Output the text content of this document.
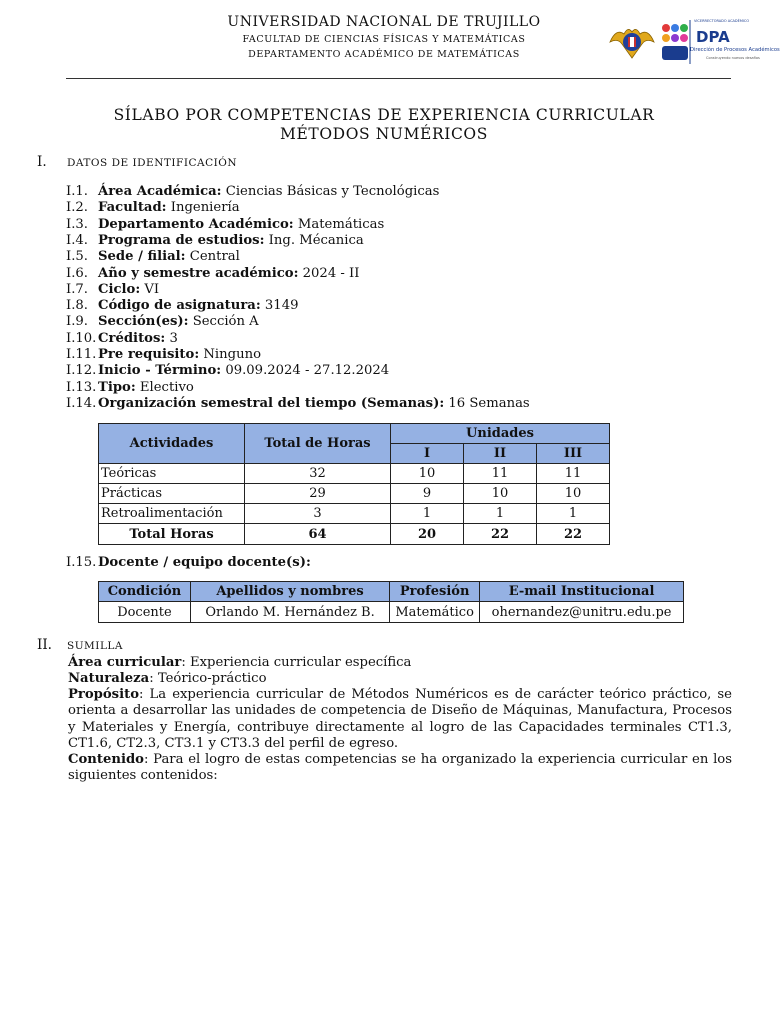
UNIVERSIDAD NACIONAL DE TRUJILLO
FACULTAD DE CIENCIAS FÍSICAS Y MATEMÁTICAS
DEPARTAMENTO ACADÉMICO DE MATEMÁTICAS
VICERRECTORADO ACADÉMICO
DPA
Dirección de Procesos Académicos
Construyendo nuevos desafíos
SÍLABO POR COMPETENCIAS DE EXPERIENCIA CURRICULAR
MÉTODOS NUMÉRICOS
I. DATOS DE IDENTIFICACIÓN
I.1. Área Académica: Ciencias Básicas y Tecnológicas
I.2. Facultad: Ingeniería
I.3. Departamento Académico: Matemáticas
I.4. Programa de estudios: Ing. Mécanica
I.5. Sede / filial: Central
I.6. Año y semestre académico: 2024 - II
I.7. Ciclo: VI
I.8. Código de asignatura: 3149
I.9. Sección(es): Sección A
I.10. Créditos: 3
I.11. Pre requisito: Ninguno
I.12. Inicio - Término: 09.09.2024 - 27.12.2024
I.13. Tipo: Electivo
I.14. Organización semestral del tiempo (Semanas): 16 Semanas
Actividades	Total de Horas	Unidades		
		I	II	III
Teóricas	32	10	11	11
Prácticas	29	9	10	10
Retroalimentación	3	1	1	1
Total Horas	64	20	22	22
I.15. Docente / equipo docente(s):
Condición	Apellidos y nombres	Profesión	E-mail Institucional
Docente	Orlando M. Hernández B.	Matemático	ohernandez@unitru.edu.pe
II. SUMILLA
Área curricular: Experiencia curricular específica
Naturaleza: Teórico-práctico
Propósito: La experiencia curricular de Métodos Numéricos es de carácter teórico práctico, se orienta a desarrollar las unidades de competencia de Diseño de Máquinas, Manufactura, Procesos y Materiales y Energía, contribuye directamente al logro de las Capacidades terminales CT1.3, CT1.6, CT2.3, CT3.1 y CT3.3 del perfil de egreso.
Contenido: Para el logro de estas competencias se ha organizado la experiencia curricular en los siguientes contenidos:
